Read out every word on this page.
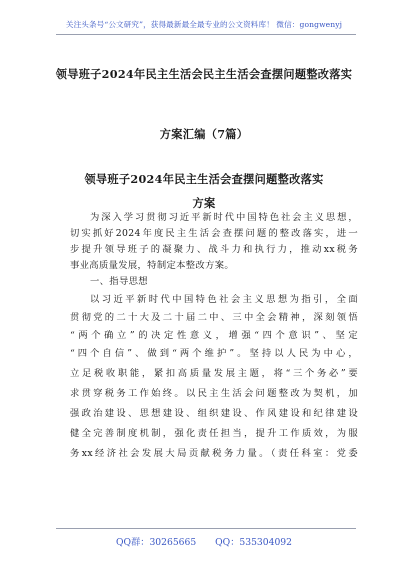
关注头条号“公文研究”，获得最新最全最专业的公文资料库！ 微信：gongwenyj
领导班子2024年民主生活会民主生活会查摆问题整改落实
方案汇编（7篇）
领导班子2024年民主生活会查摆问题整改落实
方案
为深入学习贯彻习近平新时代中国特色社会主义思想，
切实抓好2024年度民主生活会查摆问题的整改落实，进一
步提升领导班子的凝聚力、战斗力和执行力，推动xx税务
事业高质量发展，特制定本整改方案。
一、指导思想
以习近平新时代中国特色社会主义思想为指引，全面
贯彻党的二十大及二十届二中、三中全会精神，深刻领悟
“两个确立”的决定性意义，增强“四个意识”、坚定
“四个自信”、做到“两个维护”。坚持以人民为中心，
立足税收职能，紧扣高质量发展主题，将“三个务必”要
求贯穿税务工作始终。以民主生活会问题整改为契机，加
强政治建设、思想建设、组织建设、作风建设和纪律建设
健全完善制度机制，强化责任担当，提升工作质效，为服
务xx经济社会发展大局贡献税务力量。（责任科室：党委
QQ群：30265665 QQ：535304092
